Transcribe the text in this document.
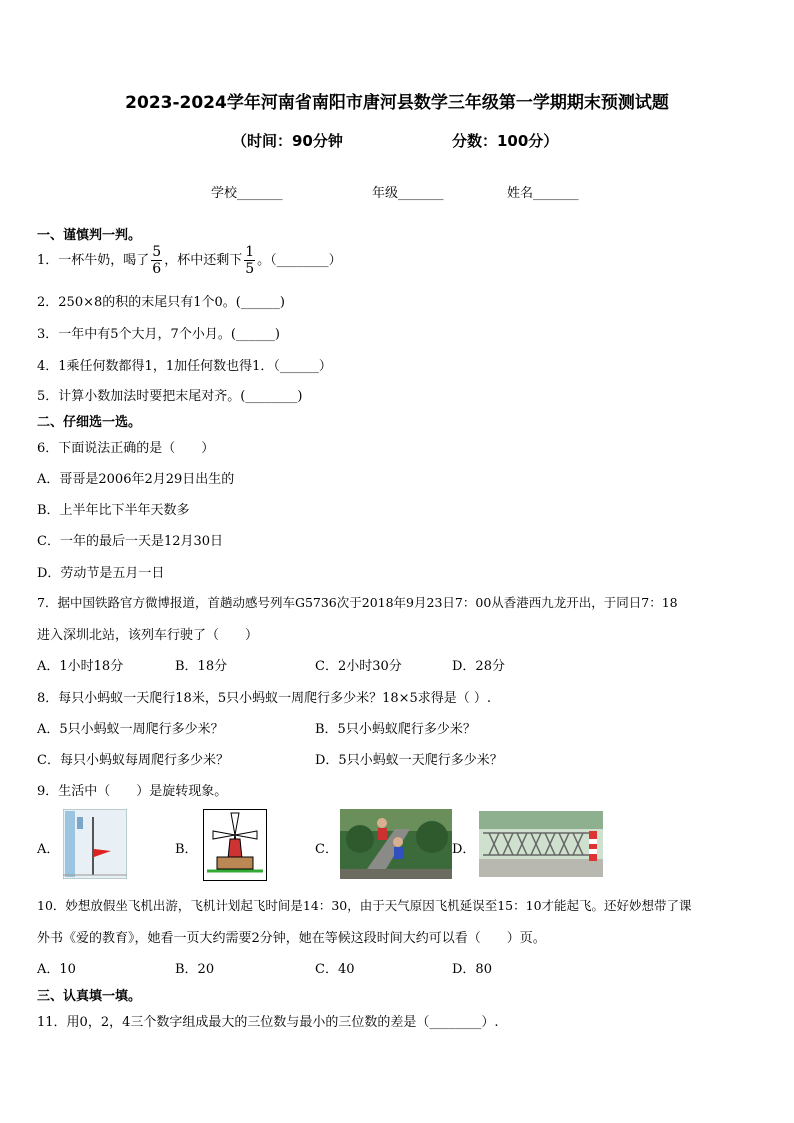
2023-2024学年河南省南阳市唐河县数学三年级第一学期期末预测试题
（时间：90分钟	分数：100分）
学校_______	年级_______	姓名_______
一、谨慎判一判。
1．一杯牛奶，喝了 $\frac{5}{6}$ ，杯中还剩下 $\frac{1}{5}$ 。（________）
2．250×8的积的末尾只有1个0。(______)
3．一年中有5个大月，7个小月。(______)
4．1乘任何数都得1，1加任何数也得1．（______）
5．计算小数加法时要把末尾对齐。(________)
二、仔细选一选。
6．下面说法正确的是（　　）
A．哥哥是2006年2月29日出生的
B．上半年比下半年天数多
C．一年的最后一天是12月30日
D．劳动节是五月一日
7．据中国铁路官方微博报道，首趟动感号列车G5736次于2018年9月23日7：00从香港西九龙开出，于同日7：18
进入深圳北站，该列车行驶了（　　）
A．1小时18分	B．18分	C．2小时30分	D．28分
8．每只小蚂蚁一天爬行18米，5只小蚂蚁一周爬行多少米？18×5求得是（ ）.
A．5只小蚂蚁一周爬行多少米？	B．5只小蚂蚁爬行多少米？
C．每只小蚂蚁每周爬行多少米？	D．5只小蚂蚁一天爬行多少米？
9．生活中（　　）是旋转现象。
A．	B．	C．	D．
10．妙想放假坐飞机出游，飞机计划起飞时间是14：30，由于天气原因飞机延误至15：10才能起飞。还好妙想带了课
外书《爱的教育》，她看一页大约需要2分钟，她在等候这段时间大约可以看（　　）页。
A．10	B．20	C．40	D．80
三、认真填一填。
11．用0，2，4三个数字组成最大的三位数与最小的三位数的差是（________）.
